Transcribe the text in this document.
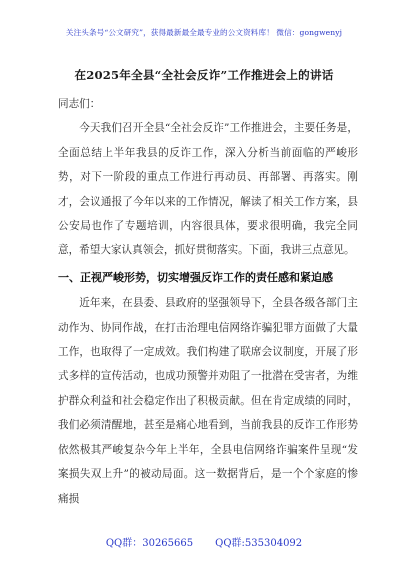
关注头条号“公文研究”，获得最新最全最专业的公文资料库！ 微信：gongwenyj
在2025年全县“全社会反诈”工作推进会上的讲话

同志们：

今天我们召开全县“全社会反诈”工作推进会，主要任务是，全面总结上半年我县的反诈工作，深入分析当前面临的严峻形势，对下一阶段的重点工作进行再动员、再部署、再落实。刚才，会议通报了今年以来的工作情况，解读了相关工作方案，县公安局也作了专题培训，内容很具体，要求很明确，我完全同意，希望大家认真领会，抓好贯彻落实。下面，我讲三点意见。

一、正视严峻形势，切实增强反诈工作的责任感和紧迫感

近年来，在县委、县政府的坚强领导下，全县各级各部门主动作为、协同作战，在打击治理电信网络诈骗犯罪方面做了大量工作，也取得了一定成效。我们构建了联席会议制度，开展了形式多样的宣传活动，也成功预警并劝阻了一批潜在受害者，为维护群众利益和社会稳定作出了积极贡献。但在肯定成绩的同时，我们必须清醒地，甚至是痛心地看到，当前我县的反诈工作形势依然极其严峻复杂今年上半年，全县电信网络诈骗案件呈现“发案损失双上升”的被动局面。这一数据背后，是一个个家庭的惨痛损

QQ群：30265665 QQ群:535304092
